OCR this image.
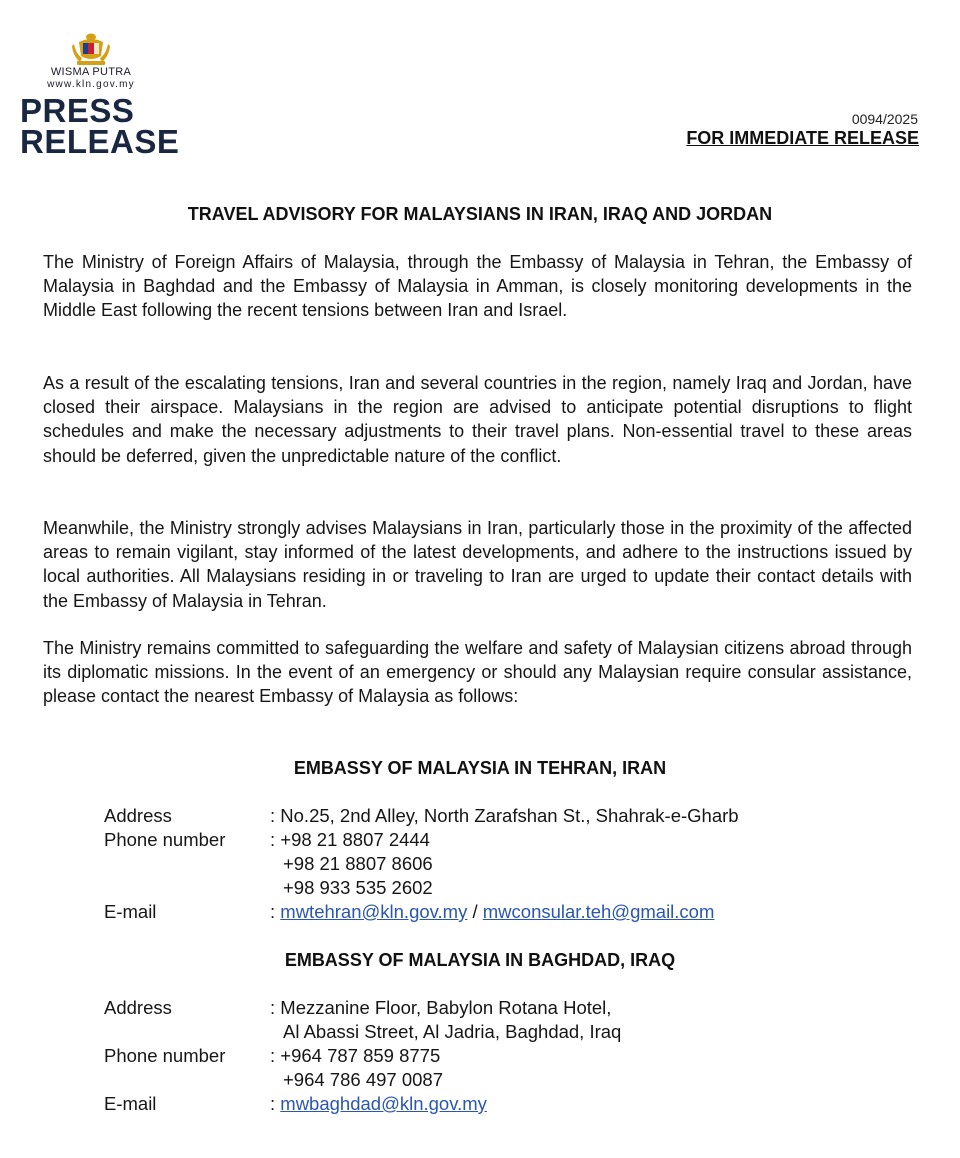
WISMA PUTRA
www.kln.gov.my
PRESS
RELEASE
0094/2025
FOR IMMEDIATE RELEASE
TRAVEL ADVISORY FOR MALAYSIANS IN IRAN, IRAQ AND JORDAN

The Ministry of Foreign Affairs of Malaysia, through the Embassy of Malaysia in Tehran, the Embassy of Malaysia in Baghdad and the Embassy of Malaysia in Amman, is closely monitoring developments in the Middle East following the recent tensions between Iran and Israel.

As a result of the escalating tensions, Iran and several countries in the region, namely Iraq and Jordan, have closed their airspace. Malaysians in the region are advised to anticipate potential disruptions to flight schedules and make the necessary adjustments to their travel plans. Non-essential travel to these areas should be deferred, given the unpredictable nature of the conflict.

Meanwhile, the Ministry strongly advises Malaysians in Iran, particularly those in the proximity of the affected areas to remain vigilant, stay informed of the latest developments, and adhere to the instructions issued by local authorities. All Malaysians residing in or traveling to Iran are urged to update their contact details with the Embassy of Malaysia in Tehran.

The Ministry remains committed to safeguarding the welfare and safety of Malaysian citizens abroad through its diplomatic missions. In the event of an emergency or should any Malaysian require consular assistance, please contact the nearest Embassy of Malaysia as follows:

EMBASSY OF MALAYSIA IN TEHRAN, IRAN
Address	: No.25, 2nd Alley, North Zarafshan St., Shahrak-e-Gharb
Phone number : +98 21 8807 2444
+98 21 8807 8606
+98 933 535 2602
E-mail	: mwtehran@kln.gov.my / mwconsular.teh@gmail.com
EMBASSY OF MALAYSIA IN BAGHDAD, IRAQ
Address	: Mezzanine Floor, Babylon Rotana Hotel,
Al Abassi Street, Al Jadria, Baghdad, Iraq
Phone number : +964 787 859 8775
+964 786 497 0087
E-mail	: mwbaghdad@kln.gov.my
